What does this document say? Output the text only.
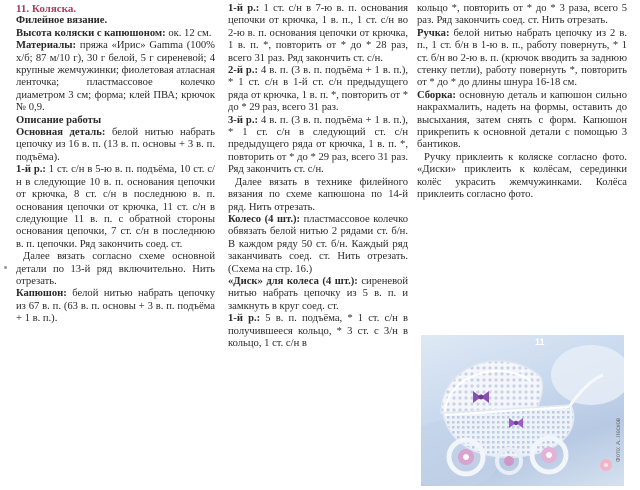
11. Коляска.

Филейное вязание.

Высота коляски с капюшоном: ок. 12 см.

Материалы: пряжа «Ирис» Gamma (100% х/б; 87 м/10 г), 30 г белой, 5 г сиреневой; 4 крупные жемчужинки; фиолетовая атласная ленточка; пластмассовое колечко диаметром 3 см; форма; клей ПВА; крючок № 0,9.

Описание работы

Основная деталь: белой нитью набрать цепочку из 16 в. п. (13 в. п. основы + 3 в. п. подъёма).

1-й р.: 1 ст. с/н в 5-ю в. п. подъёма, 10 ст. с/н в следующие 10 в. п. основания цепочки от крючка, 8 ст. с/н в последнюю в. п. основания цепочки от крючка, 11 ст. с/н в следующие 11 в. п. с обратной стороны основания цепочки, 7 ст. с/н в последнюю в. п. цепочки. Ряд закончить соед. ст.

Далее вязать согласно схеме основной детали по 13-й ряд включительно. Нить отрезать.

Капюшон: белой нитью набрать цепочку из 67 в. п. (63 в. п. основы + 3 в. п. подъёма + 1 в. п.).

1-й р.: 1 ст. с/н в 7-ю в. п. основания цепочки от крючка, 1 в. п., 1 ст. с/н во 2-ю в. п. основания цепочки от крючка, 1 в. п. *, повторить от * до * 28 раз, всего 31 раз. Ряд закончить ст. с/н.

2-й р.: 4 в. п. (3 в. п. подъёма + 1 в. п.), * 1 ст. с/н в 1-й ст. с/н предыдущего ряда от крючка, 1 в. п. *, повторить от * до * 29 раз, всего 31 раз.

3-й р.: 4 в. п. (3 в. п. подъёма + 1 в. п.), * 1 ст. с/н в следующий ст. с/н предыдущего ряда от крючка, 1 в. п. *, повторить от * до * 29 раз, всего 31 раз. Ряд закончить ст. с/н.

Далее вязать в технике филейного вязания по схеме капюшона по 14-й ряд. Нить отрезать.

Колесо (4 шт.): пластмассовое колечко обвязать белой нитью 2 рядами ст. б/н. В каждом ряду 50 ст. б/н. Каждый ряд заканчивать соед. ст. Нить отрезать. (Схема на стр. 16.)

«Диск» для колеса (4 шт.): сиреневой нитью набрать цепочку из 5 в. п. и замкнуть в круг соед. ст.

1-й р.: 5 в. п. подъёма, * 1 ст. с/н в получившееся кольцо, * 3 ст. с 3/н в кольцо, 1 ст. с/н в

кольцо *, повторить от * до * 3 раза, всего 5 раз. Ряд закончить соед. ст. Нить отрезать.

Ручка: белой нитью набрать цепочку из 2 в. п., 1 ст. б/н в 1-ю в. п., работу повернуть, * 1 ст. б/н во 2-ю в. п. (крючок вводить за заднюю стенку петли), работу повернуть *, повторить от * до * до длины шнура 16-18 см.

Сборка: основную деталь и капюшон сильно накрахмалить, надеть на формы, оставить до высыхания, затем снять с форм. Капюшон прикрепить к основной детали с помощью 3 бантиков.

Ручку приклеить к коляске согласно фото. «Диски» приклеить к колёсам, серединки колёс украсить жемчужинками. Колёса приклеить согласно фото.

11
Фото: А. Лесков
